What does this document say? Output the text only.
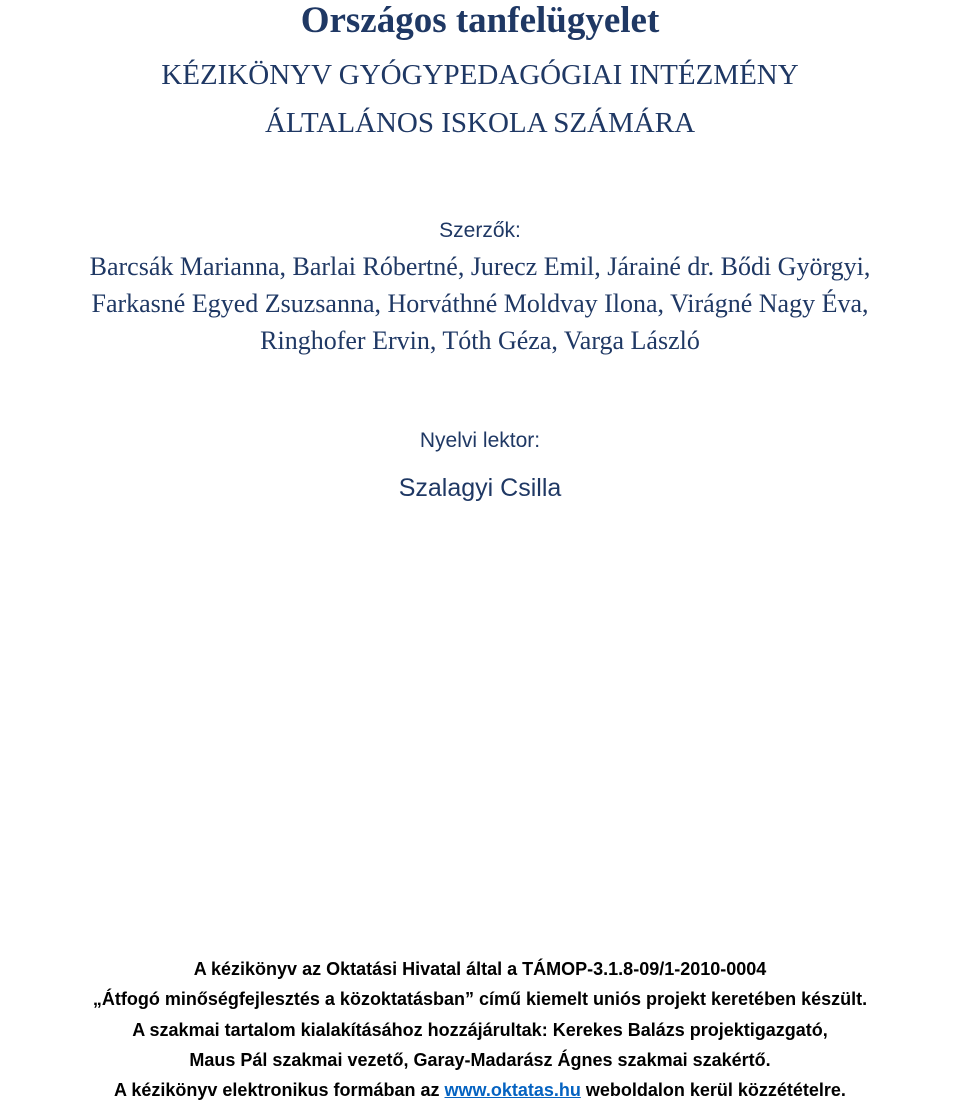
Országos tanfelügyelet
KÉZIKÖNYV GYÓGYPEDAGÓGIAI INTÉZMÉNY
ÁLTALÁNOS ISKOLA SZÁMÁRA
Szerzők:
Barcsák Marianna, Barlai Róbertné, Jurecz Emil, Járainé dr. Bődi Györgyi,
Farkasné Egyed Zsuzsanna, Horváthné Moldvay Ilona, Virágné Nagy Éva,
Ringhofer Ervin, Tóth Géza, Varga László
Nyelvi lektor:
Szalagyi Csilla
A kézikönyv az Oktatási Hivatal által a TÁMOP-3.1.8-09/1-2010-0004
„Átfogó minőségfejlesztés a közoktatásban” című kiemelt uniós projekt keretében készült.
A szakmai tartalom kialakításához hozzájárultak: Kerekes Balázs projektigazgató,
Maus Pál szakmai vezető, Garay-Madarász Ágnes szakmai szakértő.
A kézikönyv elektronikus formában az www.oktatas.hu weboldalon kerül közzétételre.
